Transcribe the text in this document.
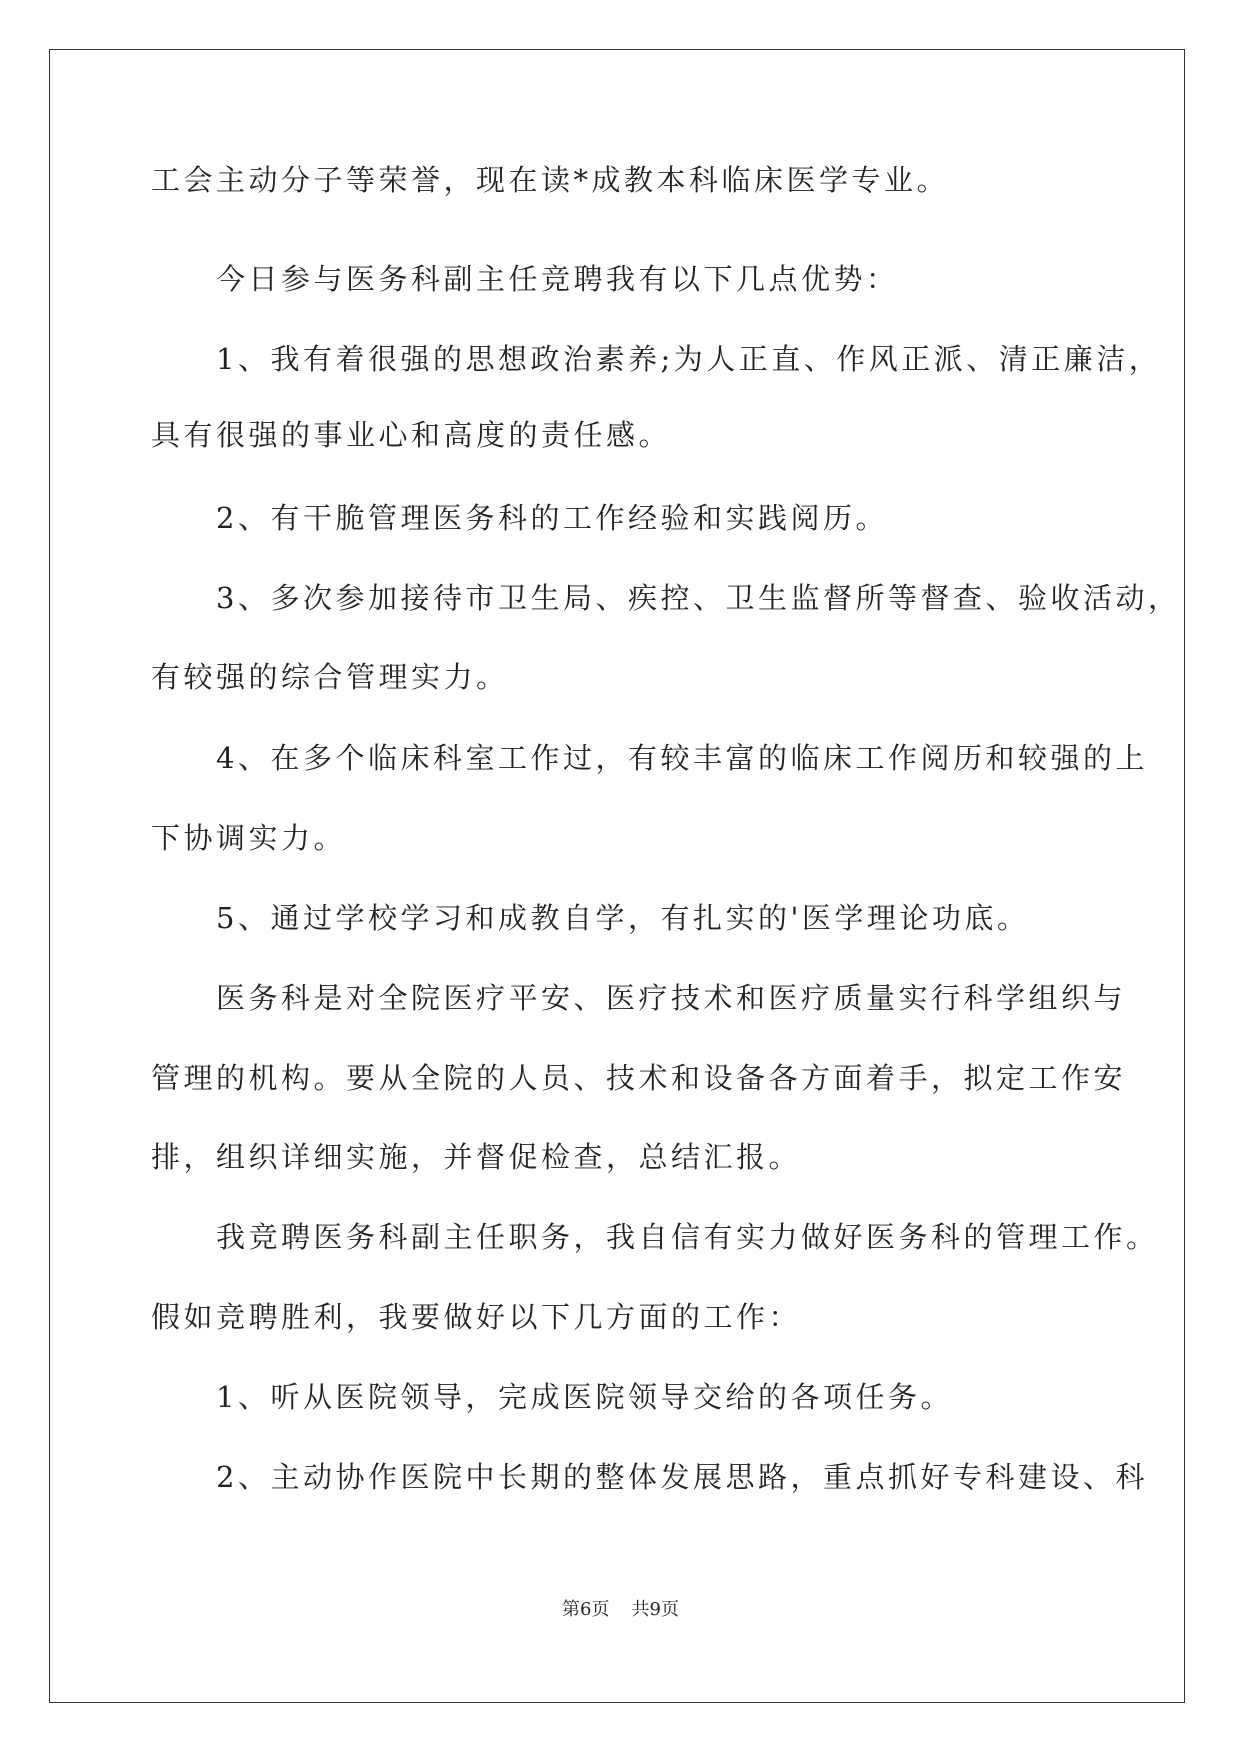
工会主动分子等荣誉，现在读*成教本科临床医学专业。
　　今日参与医务科副主任竞聘我有以下几点优势：
　　1、我有着很强的思想政治素养;为人正直、作风正派、清正廉洁，
具有很强的事业心和高度的责任感。
　　2、有干脆管理医务科的工作经验和实践阅历。
　　3、多次参加接待市卫生局、疾控、卫生监督所等督查、验收活动，
有较强的综合管理实力。
　　4、在多个临床科室工作过，有较丰富的临床工作阅历和较强的上
下协调实力。
　　5、通过学校学习和成教自学，有扎实的'医学理论功底。
　　医务科是对全院医疗平安、医疗技术和医疗质量实行科学组织与
管理的机构。要从全院的人员、技术和设备各方面着手，拟定工作安
排，组织详细实施，并督促检查，总结汇报。
　　我竞聘医务科副主任职务，我自信有实力做好医务科的管理工作。
假如竞聘胜利，我要做好以下几方面的工作：
　　1、听从医院领导，完成医院领导交给的各项任务。
　　2、主动协作医院中长期的整体发展思路，重点抓好专科建设、科
第6页 共9页
